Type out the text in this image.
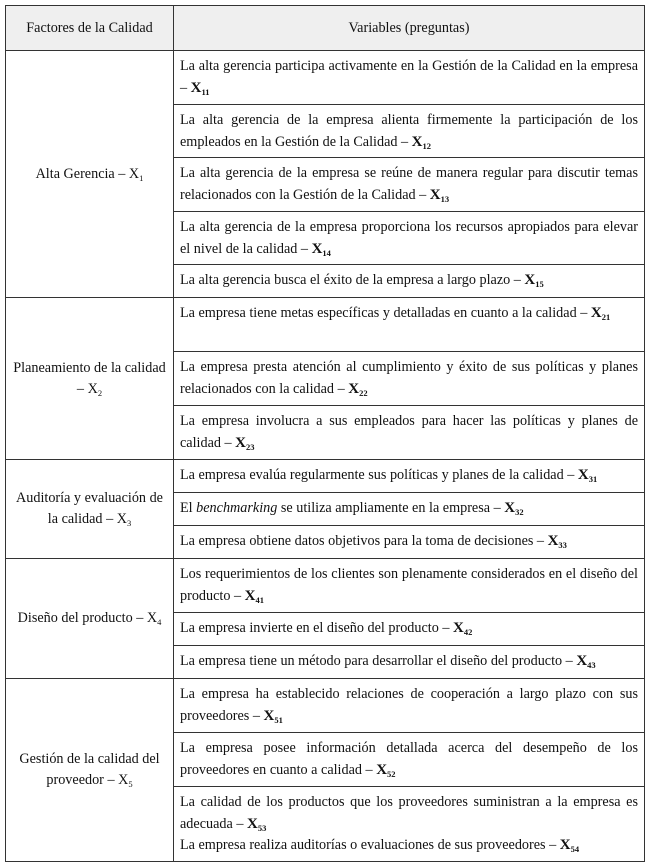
Factores de la Calidad	Variables (preguntas)
Alta Gerencia – $X_1$	La alta gerencia participa activamente en la Gestión de la Calidad en la empresa – $X_{11}$

	La alta gerencia de la empresa alienta firmemente la participación de los empleados en la Gestión de la Calidad – $X_{12}$

	La alta gerencia de la empresa se reúne de manera regular para discutir temas relacionados con la Gestión de la Calidad – $X_{13}$

	La alta gerencia de la empresa proporciona los recursos apropiados para elevar el nivel de la calidad – $X_{14}$

	La alta gerencia busca el éxito de la empresa a largo plazo – $X_{15}$

Planeamiento de la calidad – $X_2$	La empresa tiene metas específicas y detalladas en cuanto a la calidad – $X_{21}$

	La empresa presta atención al cumplimiento y éxito de sus políticas y planes relacionados con la calidad – $X_{22}$

	La empresa involucra a sus empleados para hacer las políticas y planes de calidad – $X_{23}$

Auditoría y evaluación de la calidad – $X_3$	La empresa evalúa regularmente sus políticas y planes de la calidad – $X_{31}$

	El benchmarking se utiliza ampliamente en la empresa – $X_{32}$

	La empresa obtiene datos objetivos para la toma de decisiones – $X_{33}$

Diseño del producto – $X_4$	Los requerimientos de los clientes son plenamente considerados en el diseño del producto – $X_{41}$

	La empresa invierte en el diseño del producto – $X_{42}$

	La empresa tiene un método para desarrollar el diseño del producto – $X_{43}$

Gestión de la calidad del proveedor – $X_5$	La empresa ha establecido relaciones de cooperación a largo plazo con sus proveedores – $X_{51}$

	La empresa posee información detallada acerca del desempeño de los proveedores en cuanto a calidad – $X_{52}$

	La calidad de los productos que los proveedores suministran a la empresa es adecuada – $X_{53}$

	La empresa realiza auditorías o evaluaciones de sus proveedores – $X_{54}$
